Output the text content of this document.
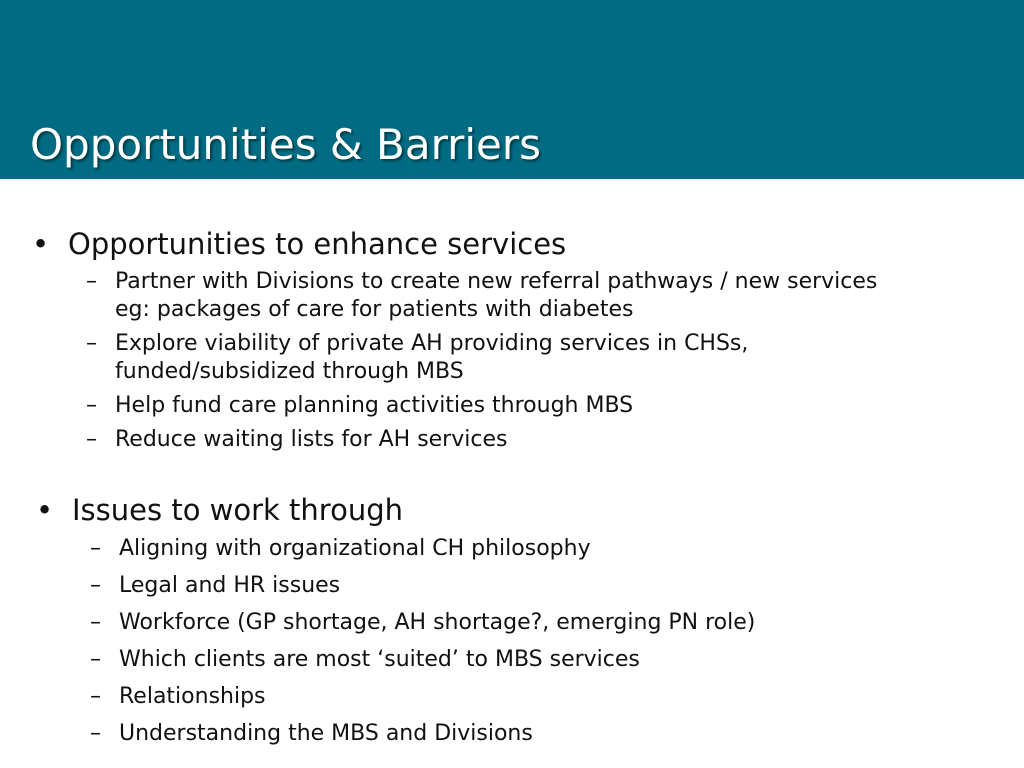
Opportunities & Barriers
• Opportunities to enhance services
– Partner with Divisions to create new referral pathways / new services eg: packages of care for patients with diabetes
– Explore viability of private AH providing services in CHSs, funded/subsidized through MBS
– Help fund care planning activities through MBS
– Reduce waiting lists for AH services
• Issues to work through
– Aligning with organizational CH philosophy
– Legal and HR issues
– Workforce (GP shortage, AH shortage?, emerging PN role)
– Which clients are most ‘suited’ to MBS services
– Relationships
– Understanding the MBS and Divisions
